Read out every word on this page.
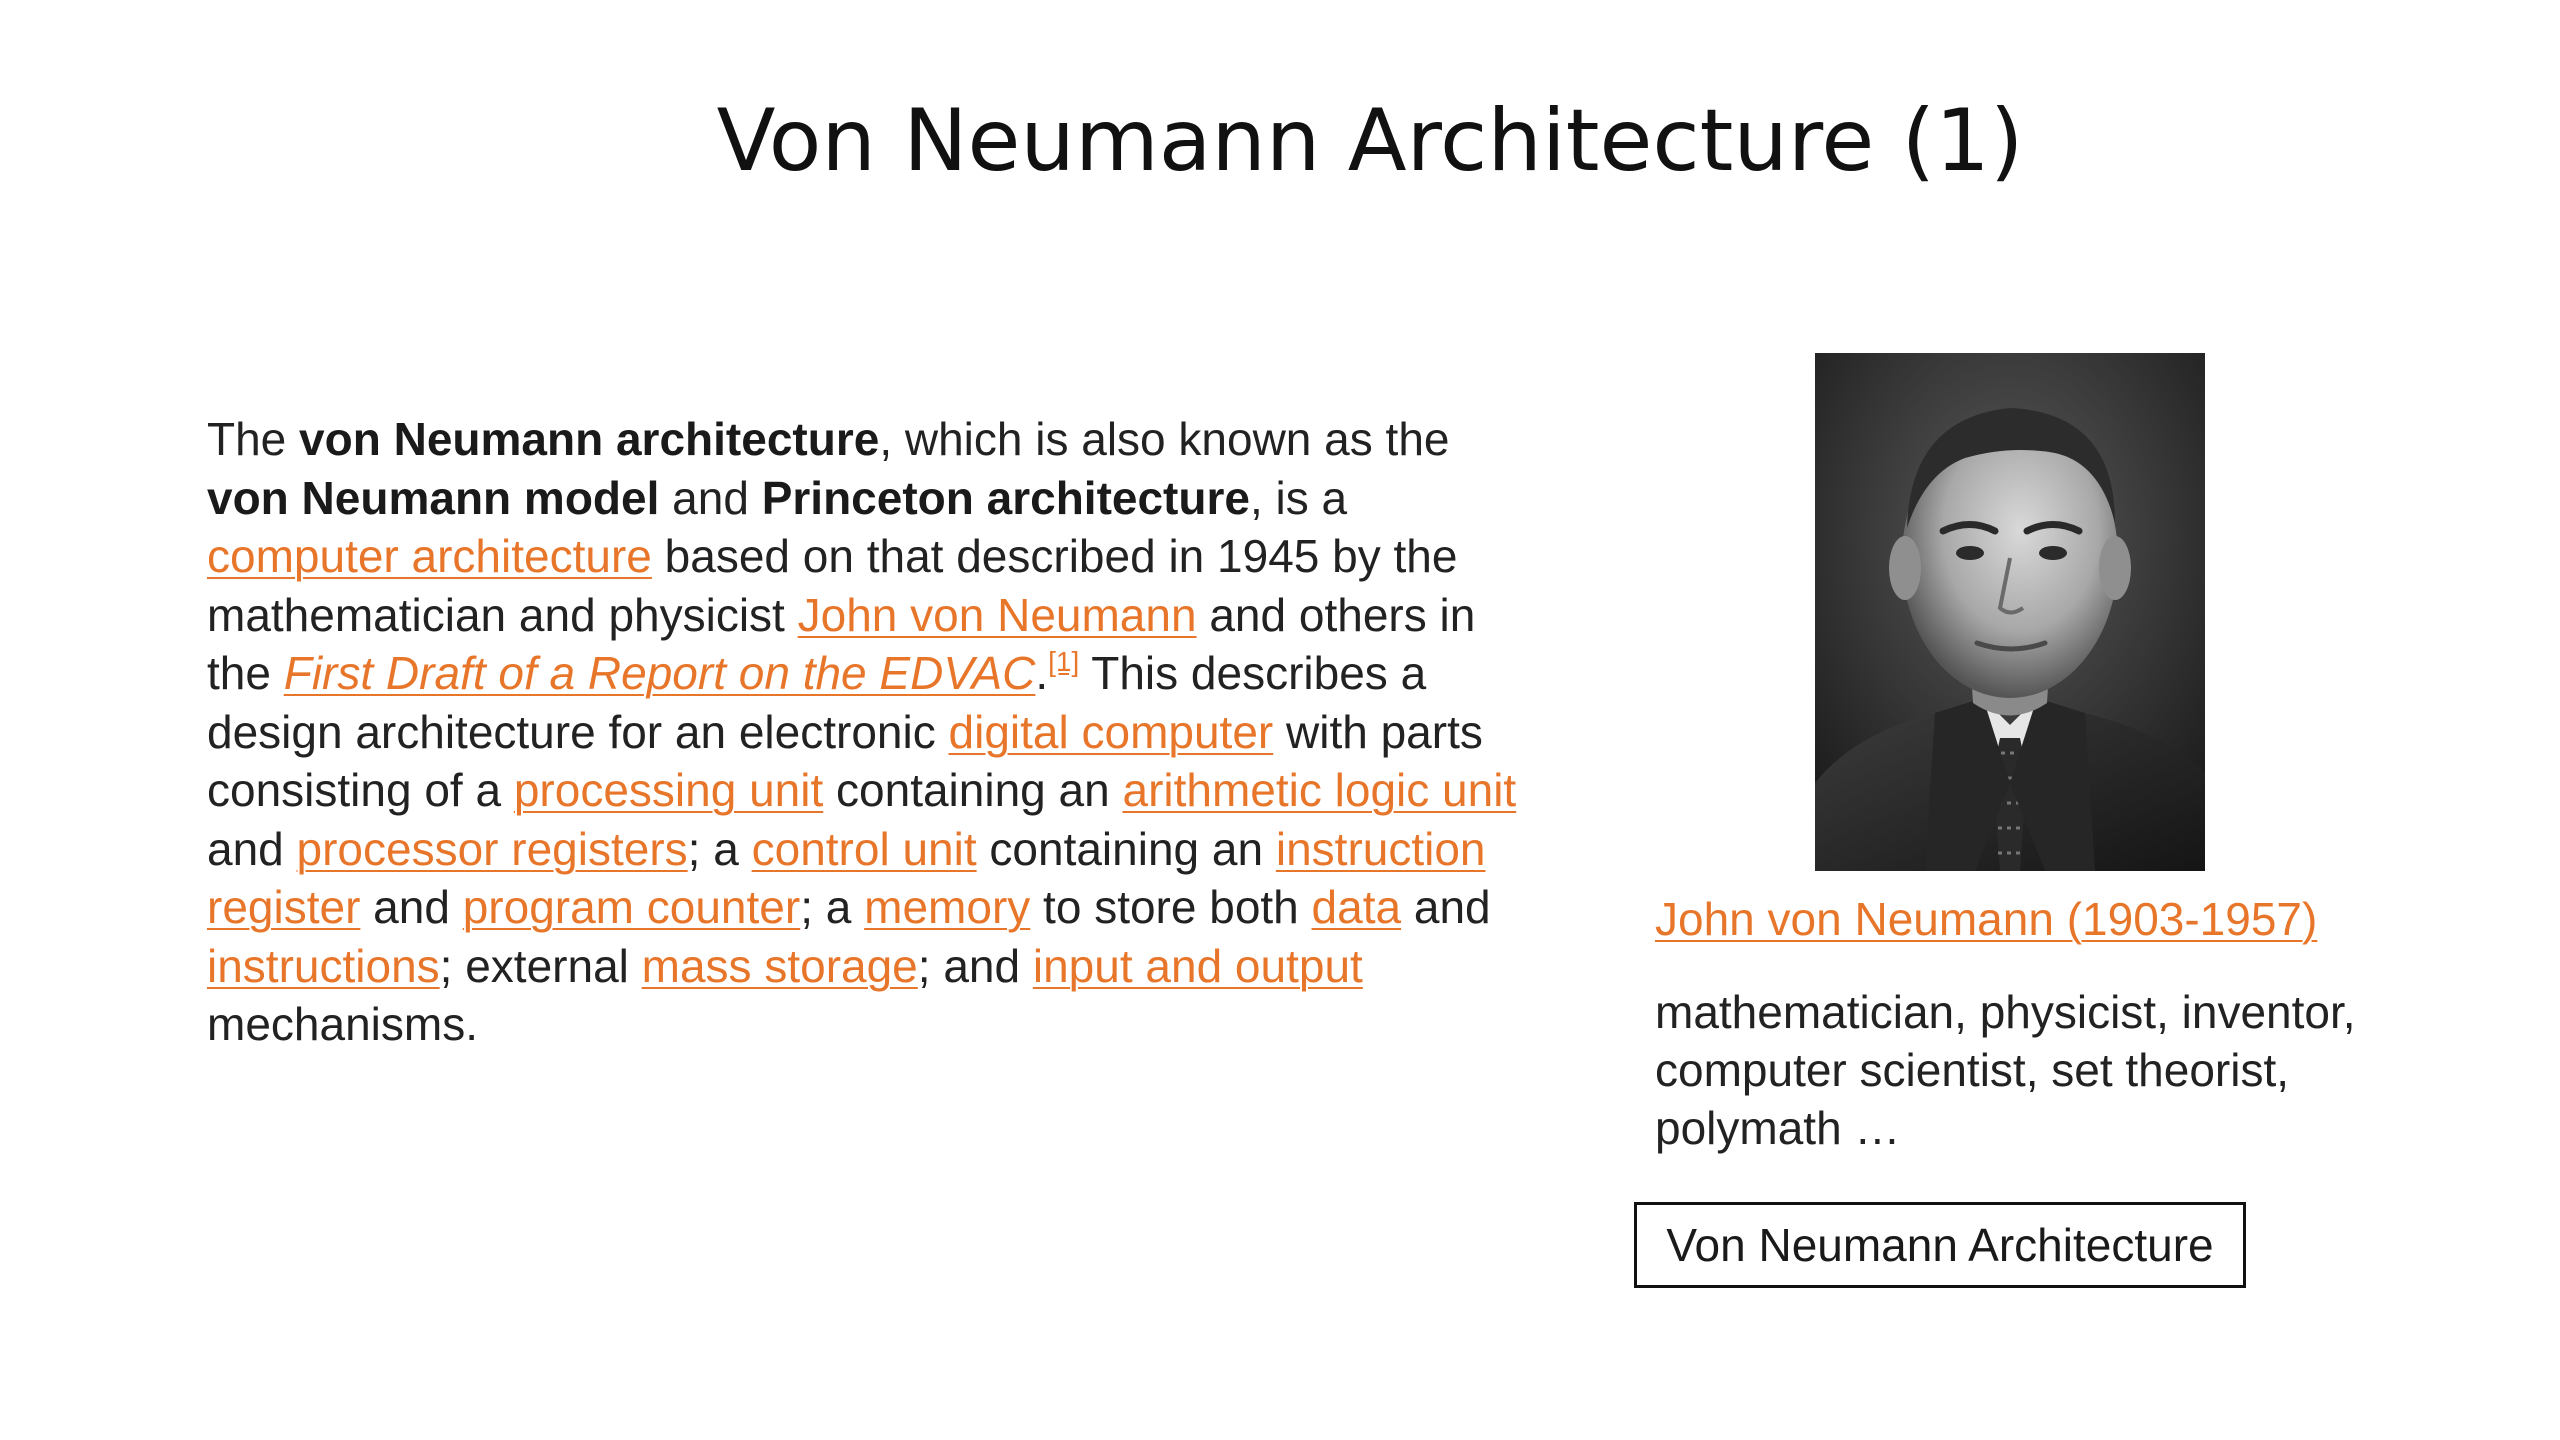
Von Neumann Architecture (1)
The von Neumann architecture, which is also known as the von Neumann model and Princeton architecture, is a computer architecture based on that described in 1945 by the mathematician and physicist John von Neumann and others in the First Draft of a Report on the EDVAC.[1] This describes a design architecture for an electronic digital computer with parts consisting of a processing unit containing an arithmetic logic unit and processor registers; a control unit containing an instruction register and program counter; a memory to store both data and instructions; external mass storage; and input and output mechanisms.
John von Neumann (1903-1957)
mathematician, physicist, inventor, computer scientist, set theorist, polymath …
Von Neumann Architecture
